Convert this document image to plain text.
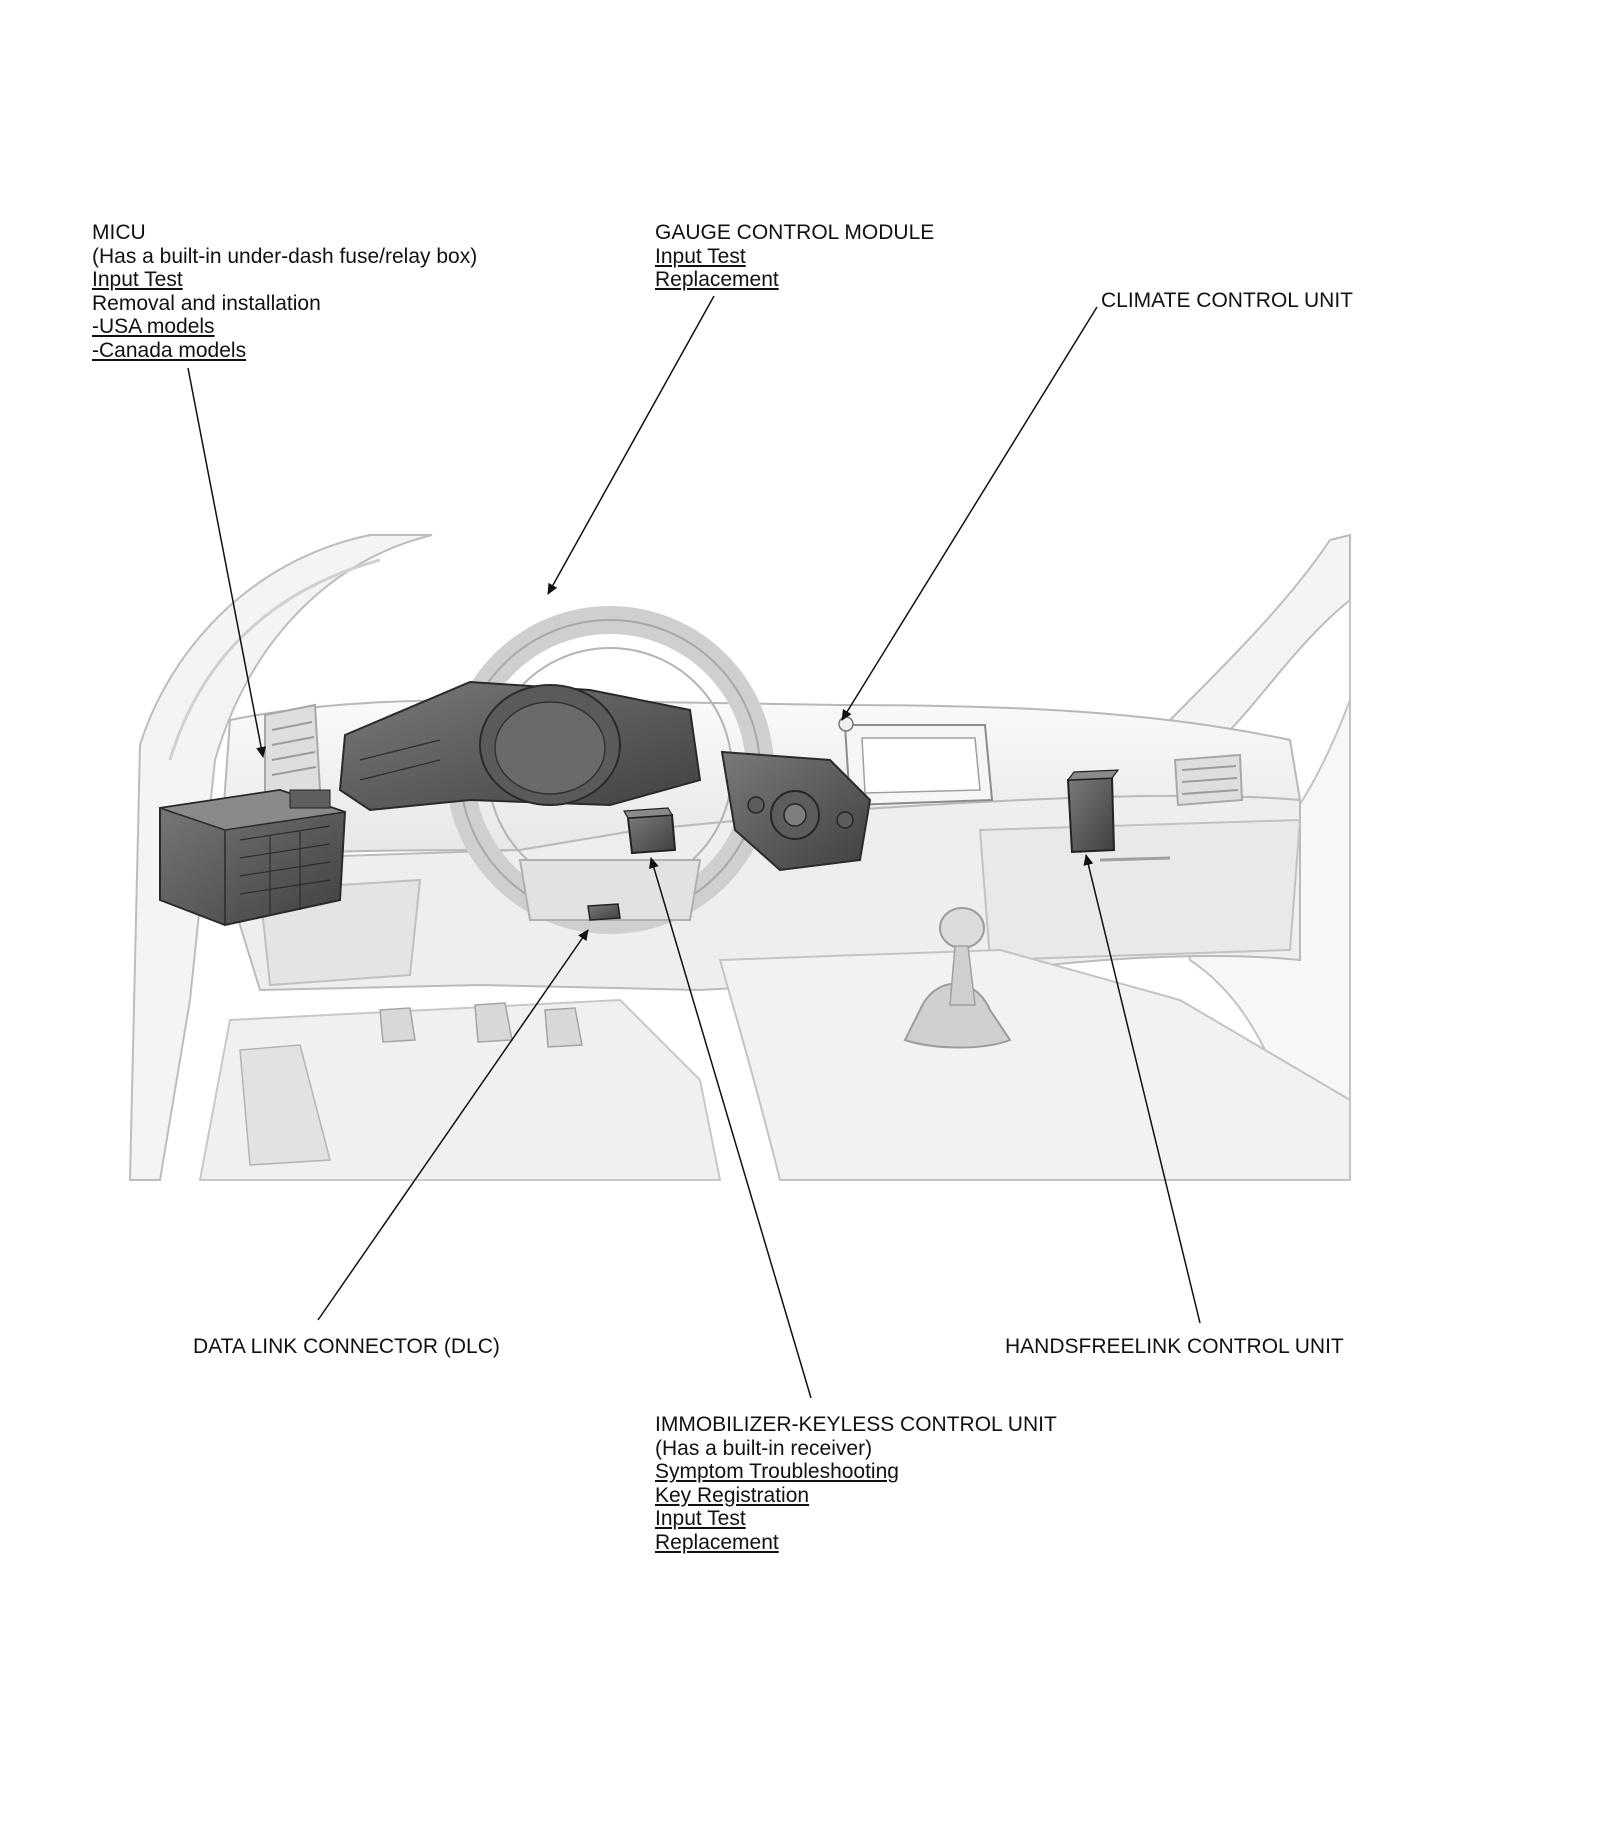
MICU
(Has a built-in under-dash fuse/relay box)
Input Test
Removal and installation
-USA models
-Canada models
GAUGE CONTROL MODULE
Input Test
Replacement
CLIMATE CONTROL UNIT
DATA LINK CONNECTOR (DLC)	HANDSFREELINK CONTROL UNIT
IMMOBILIZER-KEYLESS CONTROL UNIT
(Has a built-in receiver)
Symptom Troubleshooting
Key Registration
Input Test
Replacement
